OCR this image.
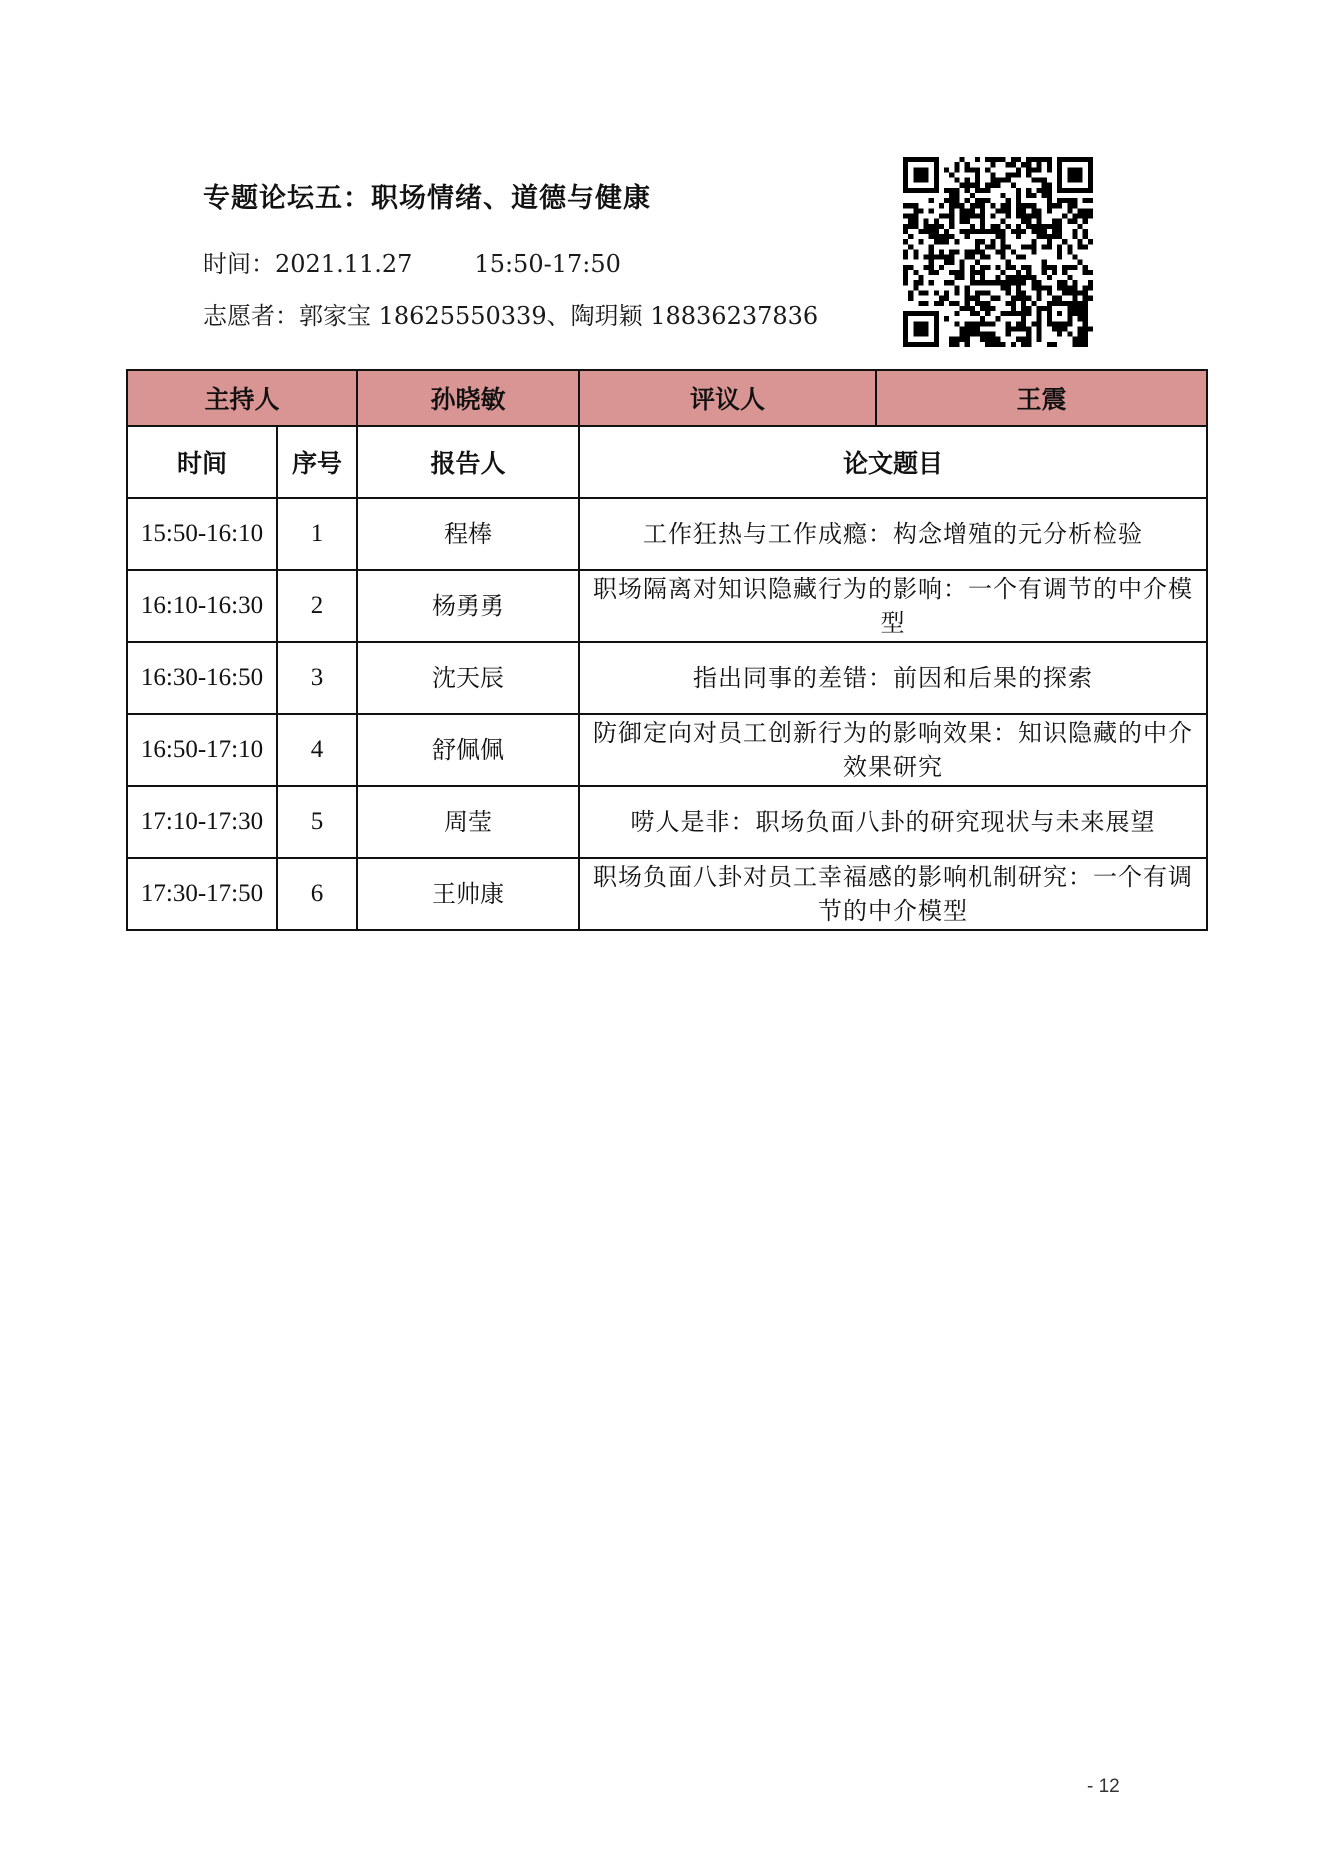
专题论坛五：职场情绪、道德与健康
时间：2021.11.27	15:50-17:50
志愿者：郭家宝 18625550339、陶玥颖 18836237836
主持人		孙晓敏	评议人	王震
时间	序号	报告人	论文题目	
15:50-16:10	1	程棒	工作狂热与工作成瘾：构念增殖的元分析检验	
16:10-16:30	2	杨勇勇	职场隔离对知识隐藏行为的影响：一个有调节的中介模型	
16:30-16:50	3	沈天辰	指出同事的差错：前因和后果的探索	
16:50-17:10	4	舒佩佩	防御定向对员工创新行为的影响效果：知识隐藏的中介效果研究	
17:10-17:30	5	周莹	唠人是非：职场负面八卦的研究现状与未来展望	
17:30-17:50	6	王帅康	职场负面八卦对员工幸福感的影响机制研究：一个有调节的中介模型	
- 12
